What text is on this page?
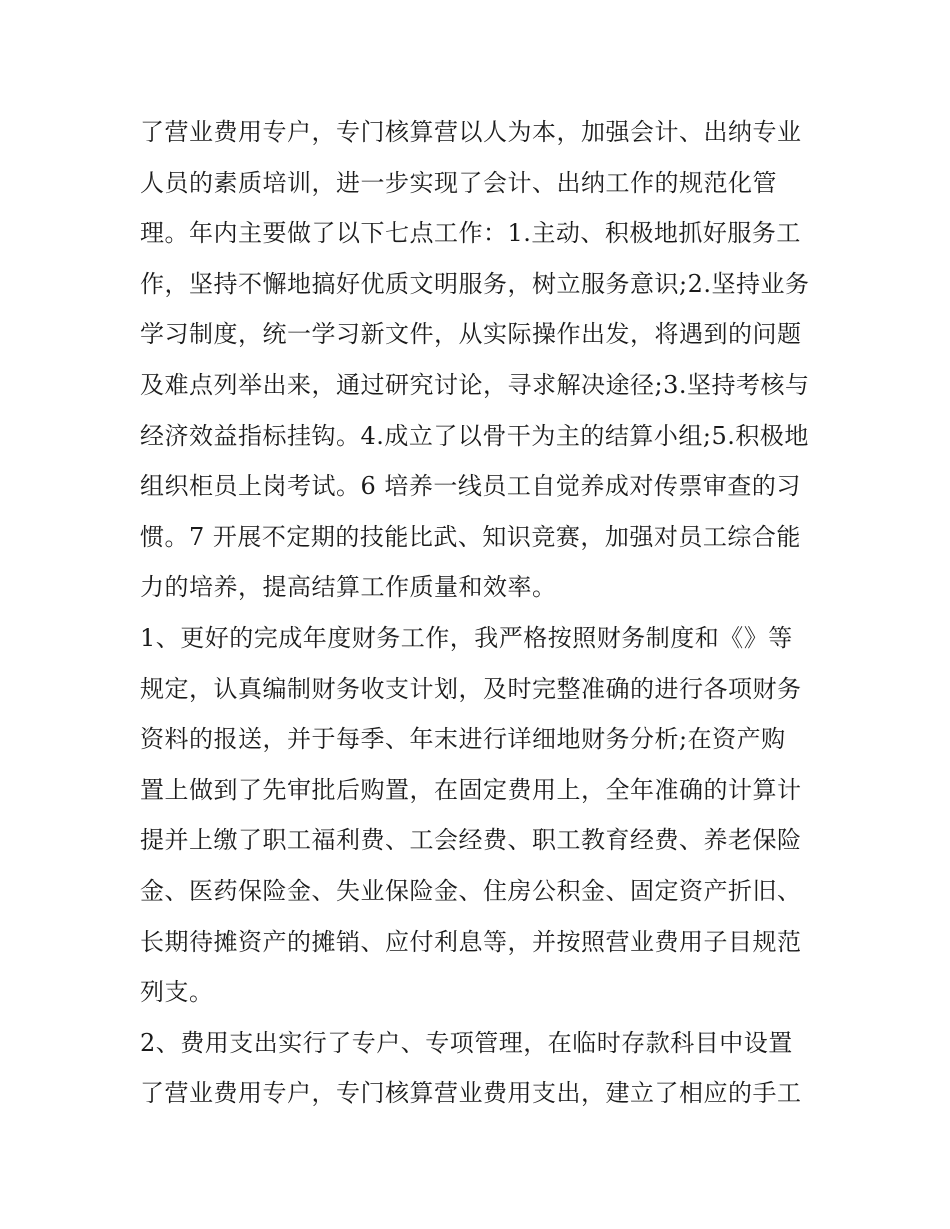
了营业费用专户，专门核算营以人为本，加强会计、出纳专业
人员的素质培训，进一步实现了会计、出纳工作的规范化管
理。年内主要做了以下七点工作：1.主动、积极地抓好服务工
作，坚持不懈地搞好优质文明服务，树立服务意识;2.坚持业务
学习制度，统一学习新文件，从实际操作出发，将遇到的问题
及难点列举出来，通过研究讨论，寻求解决途径;3.坚持考核与
经济效益指标挂钩。4.成立了以骨干为主的结算小组;5.积极地
组织柜员上岗考试。6 培养一线员工自觉养成对传票审查的习
惯。7 开展不定期的技能比武、知识竞赛，加强对员工综合能
力的培养，提高结算工作质量和效率。
1、更好的完成年度财务工作，我严格按照财务制度和《》等
规定，认真编制财务收支计划，及时完整准确的进行各项财务
资料的报送，并于每季、年末进行详细地财务分析;在资产购
置上做到了先审批后购置，在固定费用上，全年准确的计算计
提并上缴了职工福利费、工会经费、职工教育经费、养老保险
金、医药保险金、失业保险金、住房公积金、固定资产折旧、
长期待摊资产的摊销、应付利息等，并按照营业费用子目规范
列支。
2、费用支出实行了专户、专项管理，在临时存款科目中设置
了营业费用专户，专门核算营业费用支出，建立了相应的手工
